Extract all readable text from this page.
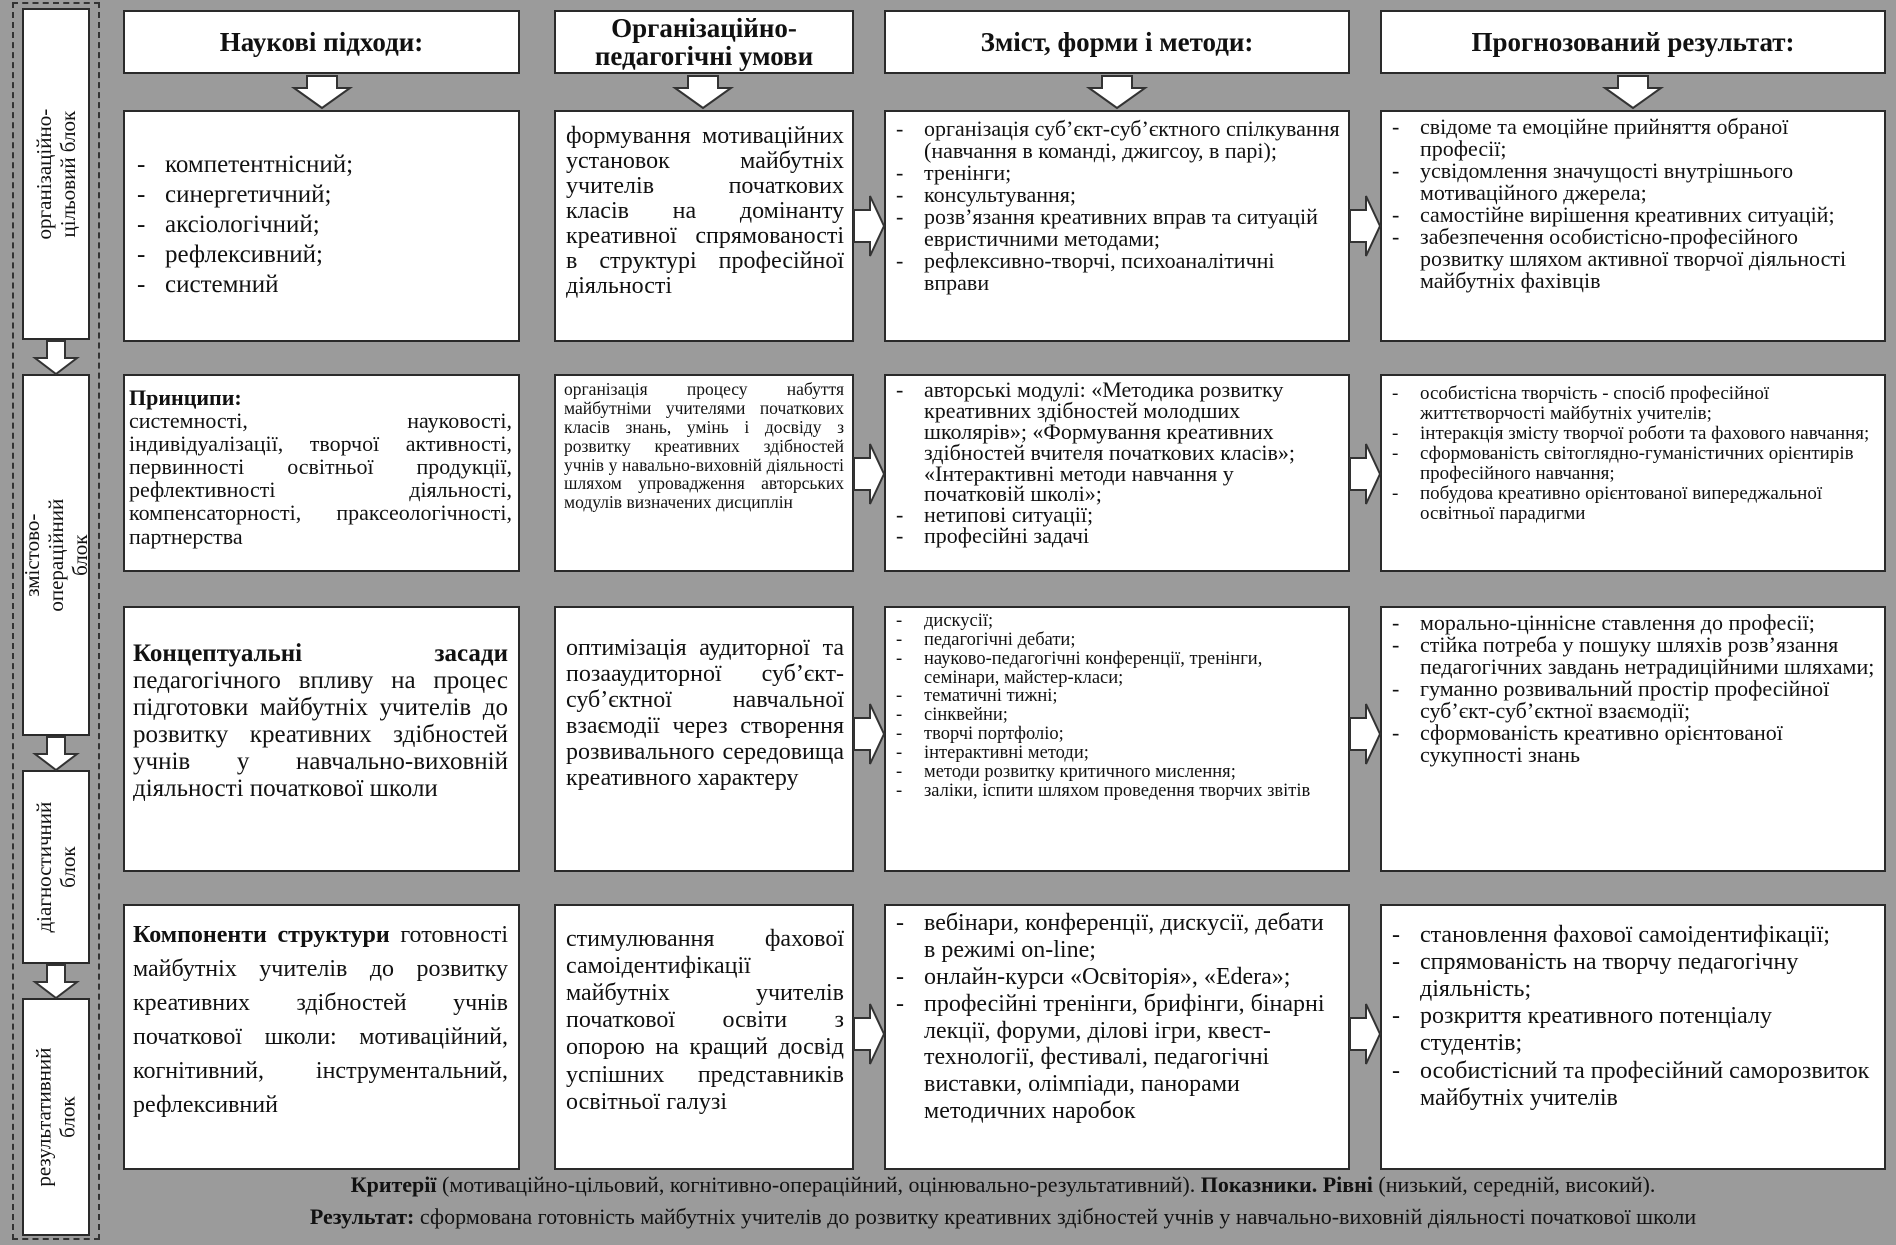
організаційно-цільовий блок
змістово-операційний блок
діагностичний блок
результативний блок
Наукові підходи:	Організаційно-педагогічні умови	Зміст, форми і методи:	Прогнозований результат:
- компетентнісний;
- синергетичний;
- аксіологічний;
- рефлексивний;
- системний
формування мотиваційних установок майбутніх учителів початкових класів на домінанту креативної спрямованості в структурі професійної діяльності
- організація суб’єкт-суб’єктного спілкування (навчання в команді, джигсоу, в парі);
- тренінги;
- консультування;
- розв’язання креативних вправ та ситуацій евристичними методами;
- рефлексивно-творчі, психоаналітичні вправи
- свідоме та емоційне прийняття обраної професії;
- усвідомлення значущості внутрішнього мотиваційного джерела;
- самостійне вирішення креативних ситуацій;
- забезпечення особистісно-професійного розвитку шляхом активної творчої діяльності майбутніх фахівців
Принципи:
системності, науковості, індивідуалізації, творчої активності, первинності освітньої продукції, рефлективності діяльності, компенсаторності, праксеологічності, партнерства
організація процесу набуття майбутніми учителями початкових класів знань, умінь і досвіду з розвитку креативних здібностей учнів у навально-виховній діяльності шляхом упровадження авторських модулів визначених дисциплін
- авторські модулі: «Методика розвитку креативних здібностей молодших школярів»; «Формування креативних здібностей вчителя початкових класів»; «Інтерактивні методи навчання у початковій школі»;
- нетипові ситуації;
- професійні задачі
- особистісна творчість - спосіб професійної життєтворчості майбутніх учителів;
- інтеракція змісту творчої роботи та фахового навчання;
- сформованість світоглядно-гуманістичних орієнтирів професійного навчання;
- побудова креативно орієнтованої випереджальної освітньої парадигми
Концептуальні засади педагогічного впливу на процес підготовки майбутніх учителів до розвитку креативних здібностей учнів у навчально-виховній діяльності початкової школи
оптимізація аудиторної та позааудиторної суб’єкт-суб’єктної навчальної взаємодії через створення розвивального середовища креативного характеру
- дискусії;
- педагогічні дебати;
- науково-педагогічні конференції, тренінги, семінари, майстер-класи;
- тематичні тижні;
- сінквейни;
- творчі портфоліо;
- інтерактивні методи;
- методи розвитку критичного мислення;
- заліки, іспити шляхом проведення творчих звітів
- морально-ціннісне ставлення до професії;
- стійка потреба у пошуку шляхів розв’язання педагогічних завдань нетрадиційними шляхами;
- гуманно розвивальний простір професійної суб’єкт-суб’єктної взаємодії;
- сформованість креативно орієнтованої сукупності знань
Компоненти структури готовності майбутніх учителів до розвитку креативних здібностей учнів початкової школи: мотиваційний, когнітивний, інструментальний, рефлексивний
стимулювання фахової самоідентифікації майбутніх учителів початкової освіти з опорою на кращий досвід успішних представників освітньої галузі
- вебінари, конференції, дискусії, дебати в режимі on-line;
- онлайн-курси «Освіторія», «Edera»;
- професійні тренінги, брифінги, бінарні лекції, форуми, ділові ігри, квест-технології, фестивалі, педагогічні виставки, олімпіади, панорами методичних наробок
- становлення фахової самоідентифікації;
- спрямованість на творчу педагогічну діяльність;
- розкриття креативного потенціалу студентів;
- особистісний та професійний саморозвиток майбутніх учителів
Критерії (мотиваційно-цільовий, когнітивно-операційний, оцінювально-результативний). Показники. Рівні (низький, середній, високий).
Результат: сформована готовність майбутніх учителів до розвитку креативних здібностей учнів у навчально-виховній діяльності початкової школи
